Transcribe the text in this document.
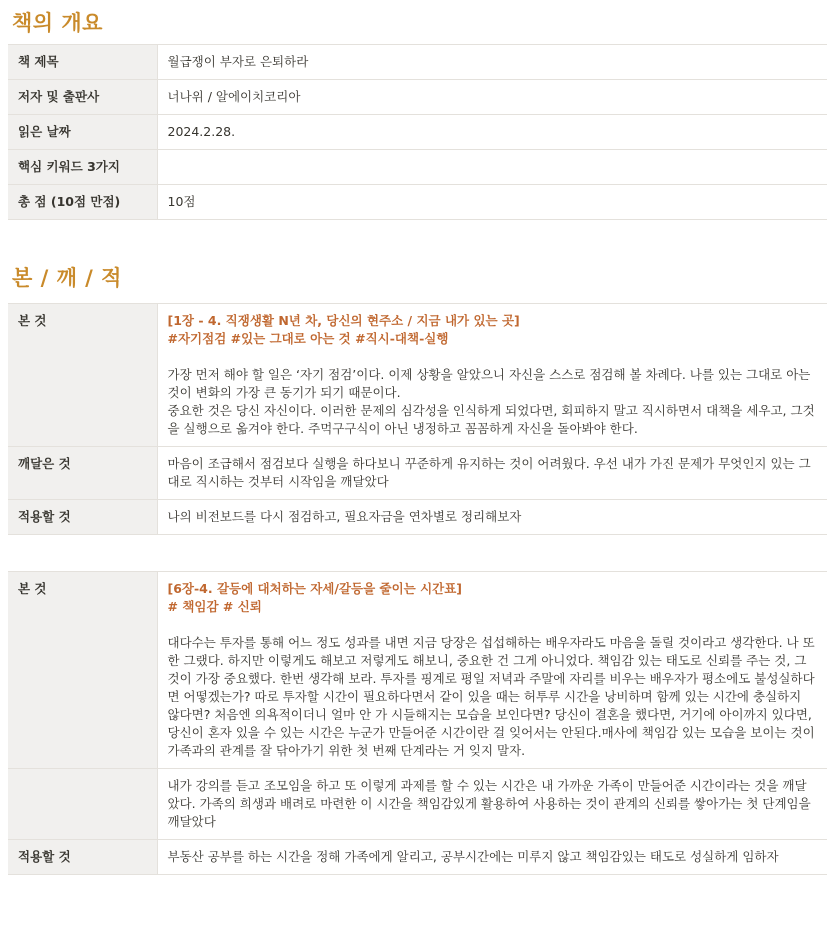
책의 개요
책 제목	월급쟁이 부자로 은퇴하라
저자 및 출판사	너나위 / 알에이치코리아
읽은 날짜	2024.2.28.
핵심 키워드 3가지	
총 점 (10점 만점)	10점
본 / 깨 / 적
본 것	[1장 - 4. 직쟁생활 N년 차, 당신의 현주소 / 지금 내가 있는 곳]
#자기점검 #있는 그대로 아는 것 #직시-대책-실행
가장 먼저 해야 할 일은 ‘자기 점검’이다. 이제 상황을 알았으니 자신을 스스로 점검해 볼 차례다. 나를 있는 그대로 아는 것이 변화의 가장 큰 동기가 되기 때문이다.
중요한 것은 당신 자신이다. 이러한 문제의 심각성을 인식하게 되었다면, 회피하지 말고 직시하면서 대책을 세우고, 그것을 실행으로 옮겨야 한다. 주먹구구식이 아닌 냉정하고 꼼꼼하게 자신을 돌아봐야 한다.

깨달은 것	마음이 조급해서 점검보다 실행을 하다보니 꾸준하게 유지하는 것이 어려웠다. 우선 내가 가진 문제가 무엇인지 있는 그대로 직시하는 것부터 시작임을 깨달았다
적용할 것	나의 비전보드를 다시 점검하고, 필요자금을 연차별로 정리해보자
본 것	[6장-4. 갈등에 대처하는 자세/갈등을 줄이는 시간표]
# 책임감 # 신뢰
대다수는 투자를 통해 어느 정도 성과를 내면 지금 당장은 섭섭해하는 배우자라도 마음을 돌릴 것이라고 생각한다. 나 또한 그랬다. 하지만 이렇게도 해보고 저렇게도 해보니, 중요한 건 그게 아니었다. 책임감 있는 태도로 신뢰를 주는 것, 그것이 가장 중요했다. 한번 생각해 보라. 투자를 핑계로 평일 저녁과 주말에 자리를 비우는 배우자가 평소에도 불성실하다면 어떻겠는가? 따로 투자할 시간이 필요하다면서 같이 있을 때는 허투루 시간을 낭비하며 함께 있는 시간에 충실하지 않다면? 처음엔 의욕적이더니 얼마 안 가 시들해지는 모습을 보인다면? 당신이 결혼을 했다면, 거기에 아이까지 있다면, 당신이 혼자 있을 수 있는 시간은 누군가 만들어준 시간이란 걸 잊어서는 안된다.매사에 책임감 있는 모습을 보이는 것이 가족과의 관계를 잘 닦아가기 위한 첫 번째 단계라는 거 잊지 말자.

	내가 강의를 듣고 조모임을 하고 또 이렇게 과제를 할 수 있는 시간은 내 가까운 가족이 만들어준 시간이라는 것을 깨달았다. 가족의 희생과 배려로 마련한 이 시간을 책임감있게 활용하여 사용하는 것이 관계의 신뢰를 쌓아가는 첫 단계임을 깨달았다
적용할 것	부동산 공부를 하는 시간을 정해 가족에게 알리고, 공부시간에는 미루지 않고 책임감있는 태도로 성실하게 임하자
